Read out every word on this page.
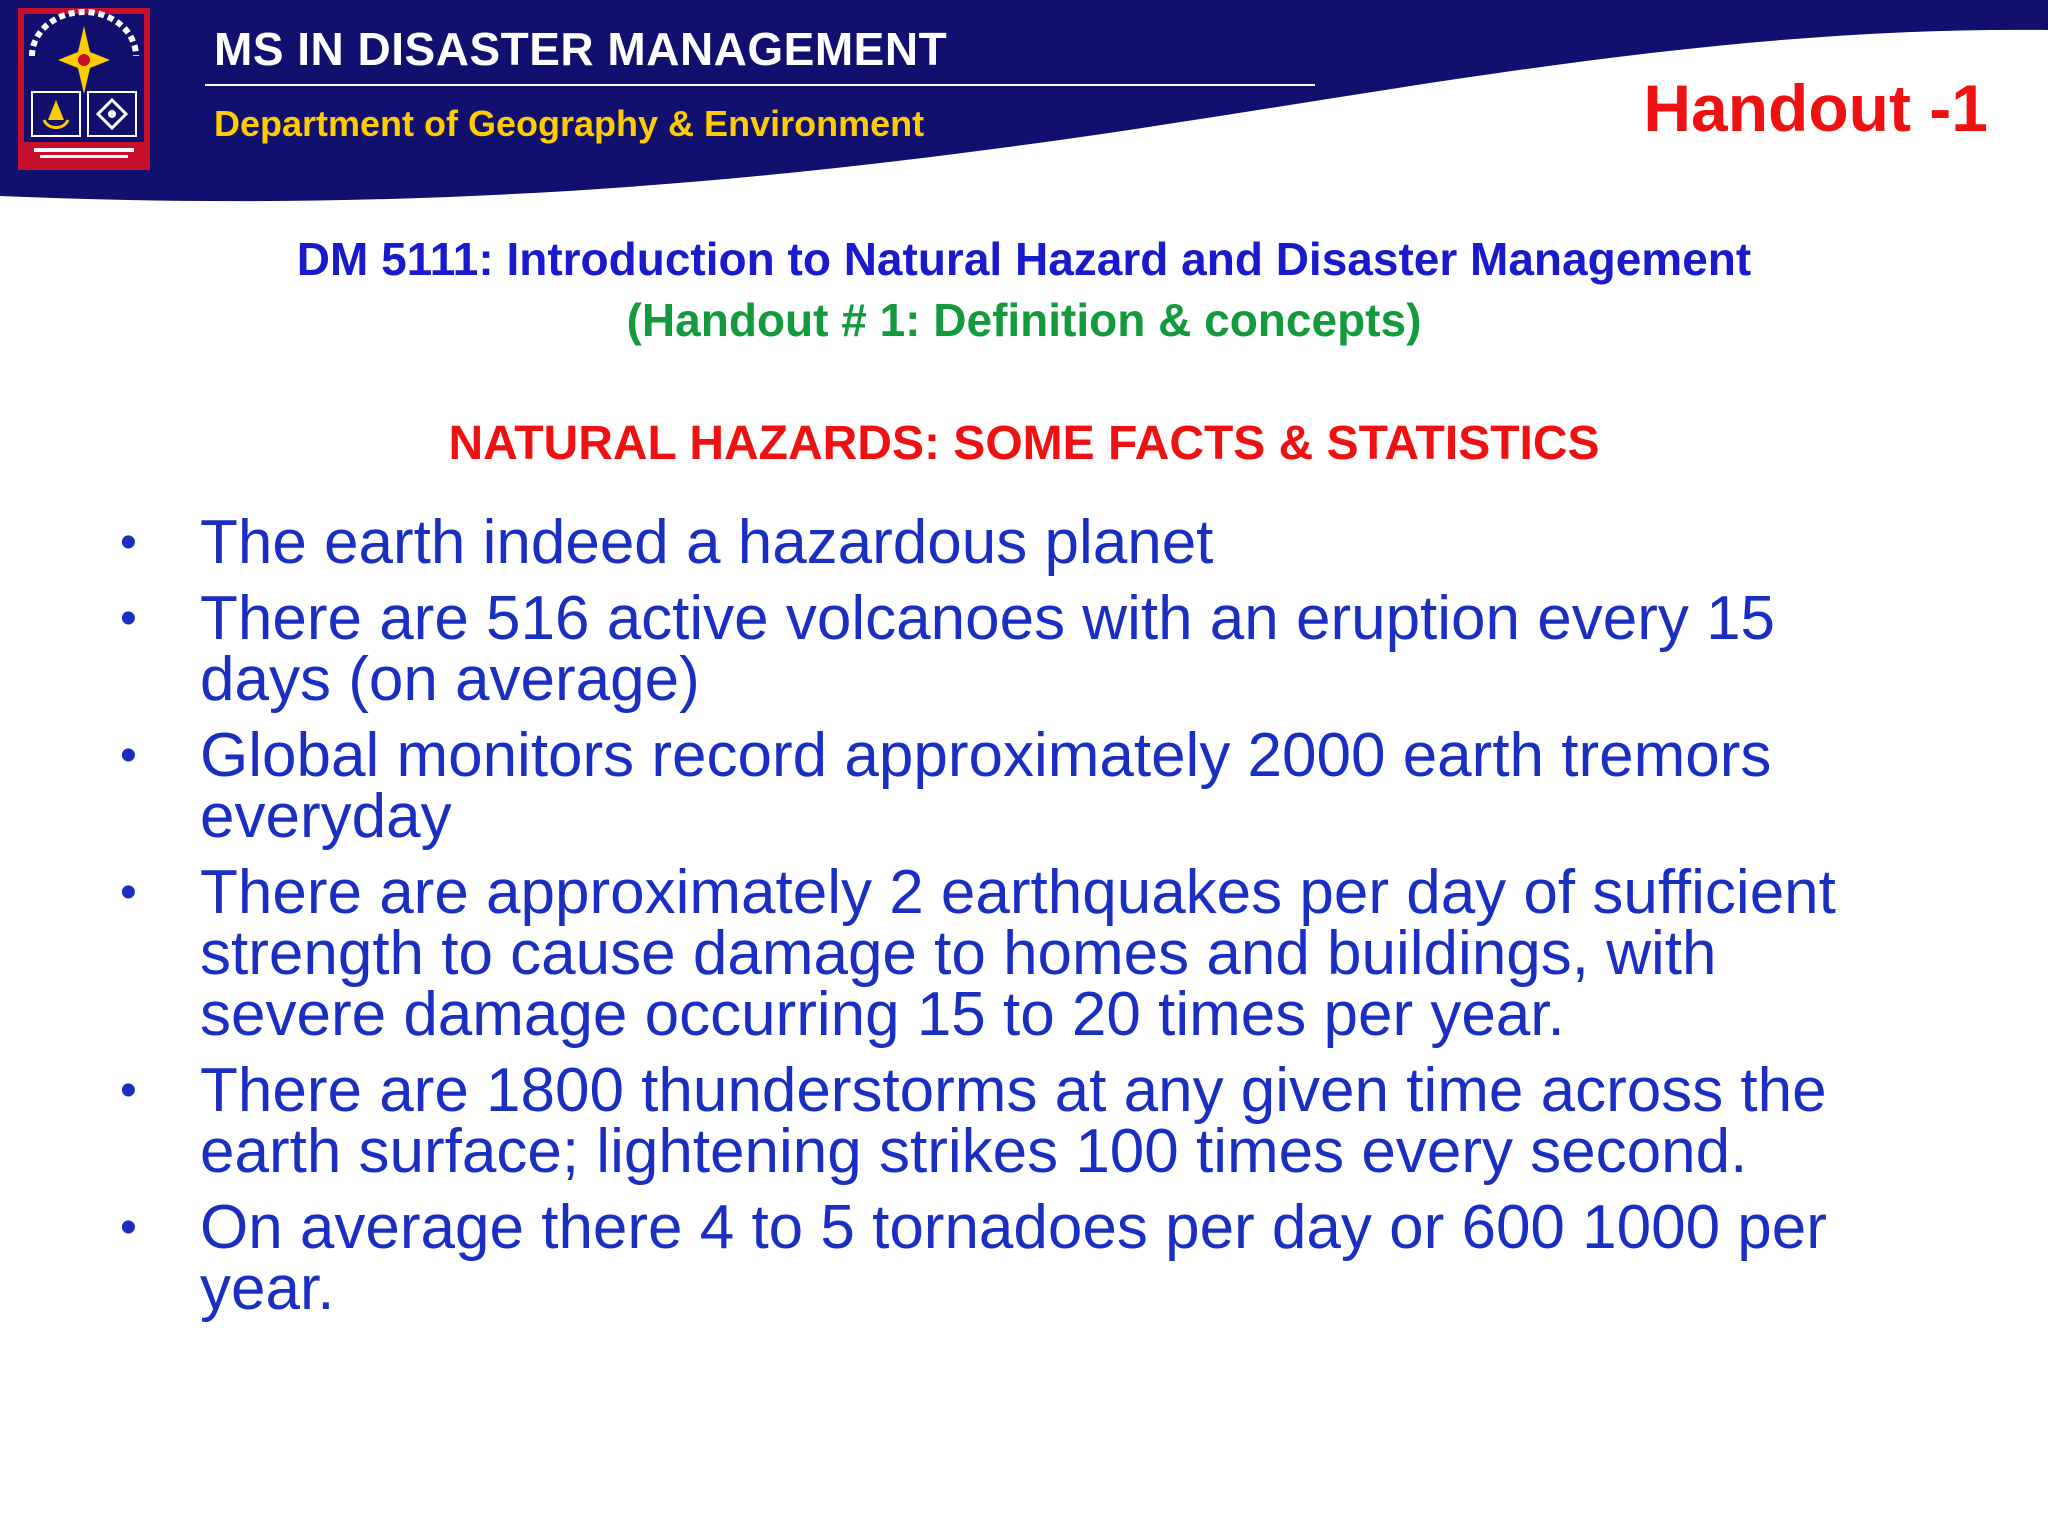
MS IN DISASTER MANAGEMENT
Department of Geography & Environment	Handout -1
DM 5111: Introduction to Natural Hazard and Disaster Management
(Handout # 1: Definition & concepts)
NATURAL HAZARDS: SOME FACTS & STATISTICS
• The earth indeed a hazardous planet
• There are 516 active volcanoes with an eruption every 15
days (on average)
• Global monitors record approximately 2000 earth tremors
everyday
• There are approximately 2 earthquakes per day of sufficient
strength to cause damage to homes and buildings, with
severe damage occurring 15 to 20 times per year.
• There are 1800 thunderstorms at any given time across the
earth surface; lightening strikes 100 times every second.
• On average there 4 to 5 tornadoes per day or 600 1000 per
year.
